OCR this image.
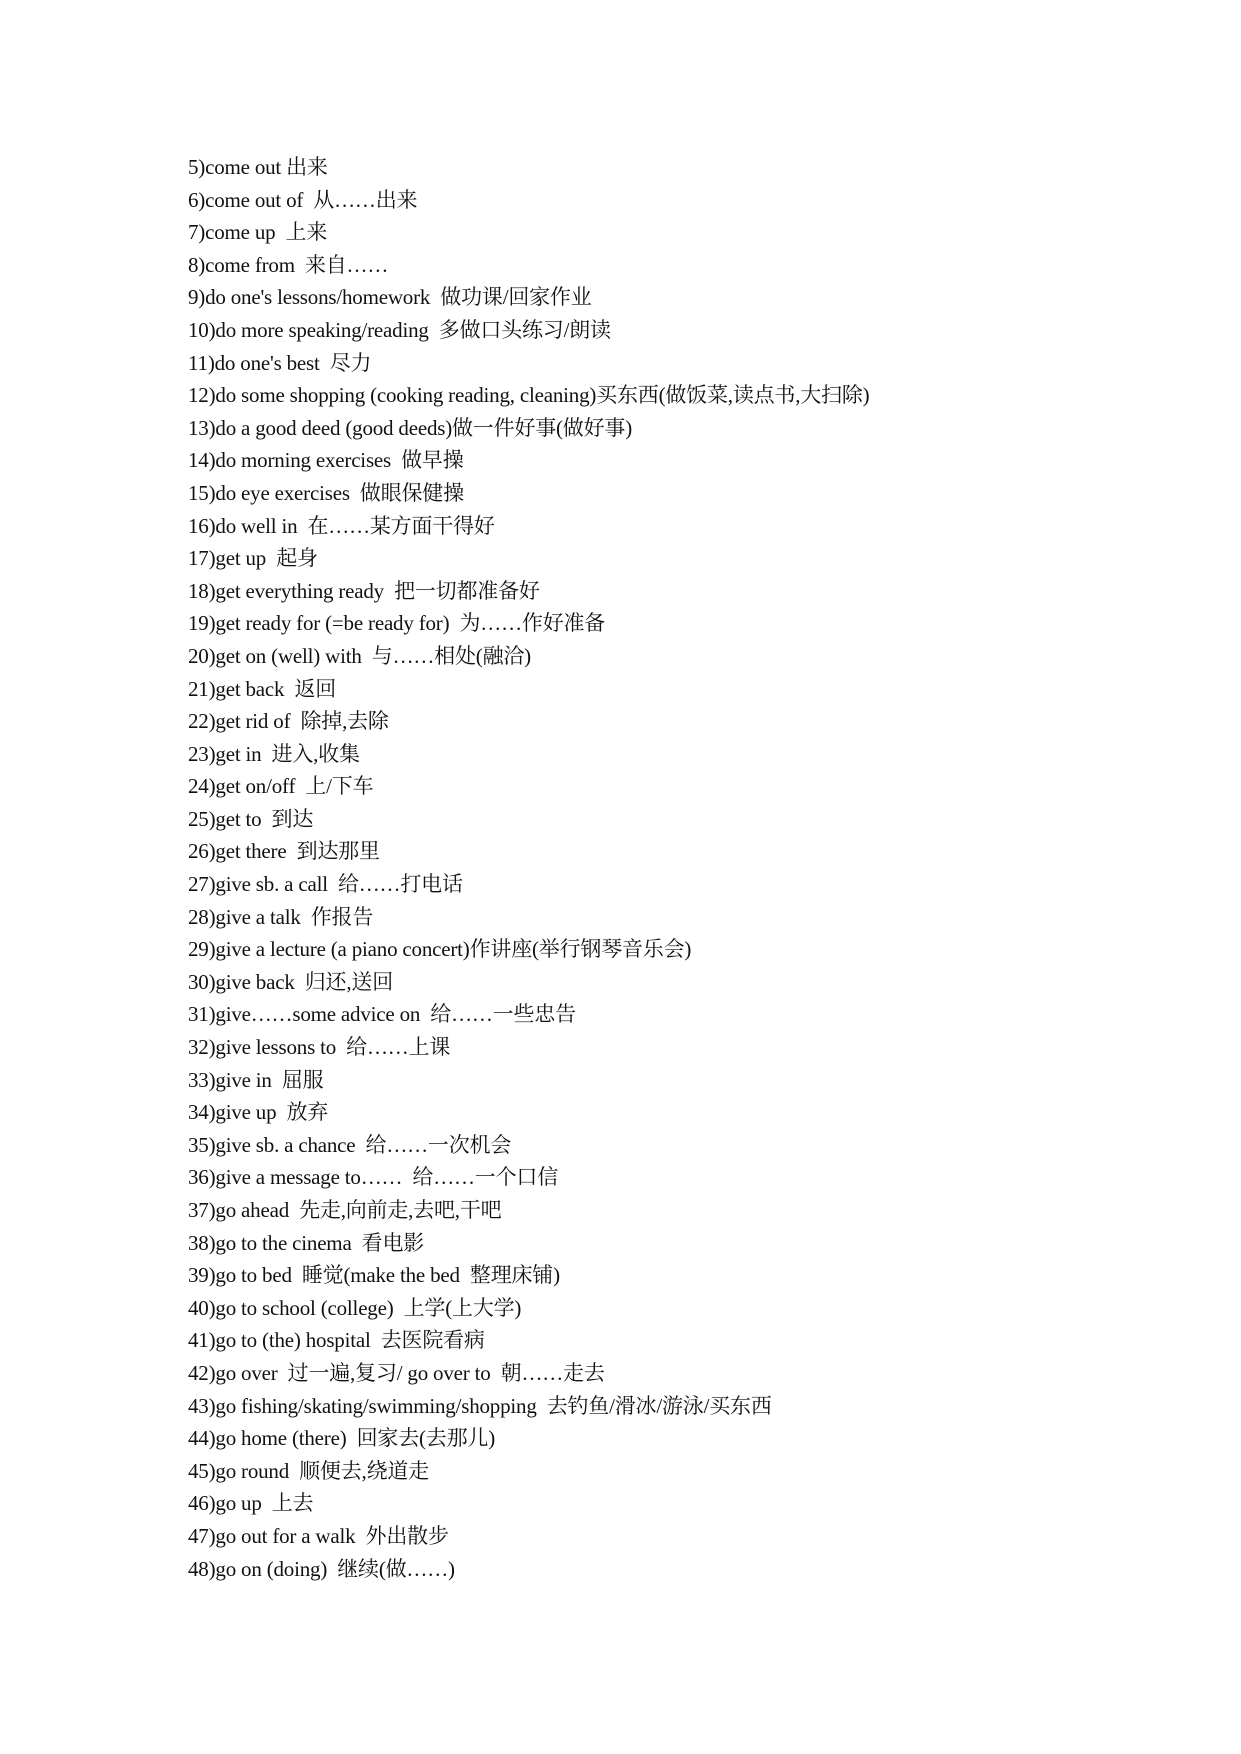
5)come out 出来
6)come out of  从……出来
7)come up  上来
8)come from  来自……
9)do one's lessons/homework  做功课/回家作业
10)do more speaking/reading  多做口头练习/朗读
11)do one's best  尽力
12)do some shopping (cooking reading, cleaning)买东西(做饭菜,读点书,大扫除)
13)do a good deed (good deeds)做一件好事(做好事)
14)do morning exercises  做早操
15)do eye exercises  做眼保健操
16)do well in  在……某方面干得好
17)get up  起身
18)get everything ready  把一切都准备好
19)get ready for (=be ready for)  为……作好准备
20)get on (well) with  与……相处(融洽)
21)get back  返回
22)get rid of  除掉,去除
23)get in  进入,收集
24)get on/off  上/下车
25)get to  到达
26)get there  到达那里
27)give sb. a call  给……打电话
28)give a talk  作报告
29)give a lecture (a piano concert)作讲座(举行钢琴音乐会)
30)give back  归还,送回
31)give……some advice on  给……一些忠告
32)give lessons to  给……上课
33)give in  屈服
34)give up  放弃
35)give sb. a chance  给……一次机会
36)give a message to……  给……一个口信
37)go ahead  先走,向前走,去吧,干吧
38)go to the cinema  看电影
39)go to bed  睡觉(make the bed  整理床铺)
40)go to school (college)  上学(上大学)
41)go to (the) hospital  去医院看病
42)go over  过一遍,复习/ go over to  朝……走去
43)go fishing/skating/swimming/shopping  去钓鱼/滑冰/游泳/买东西
44)go home (there)  回家去(去那儿)
45)go round  顺便去,绕道走
46)go up  上去
47)go out for a walk  外出散步
48)go on (doing)  继续(做……)
